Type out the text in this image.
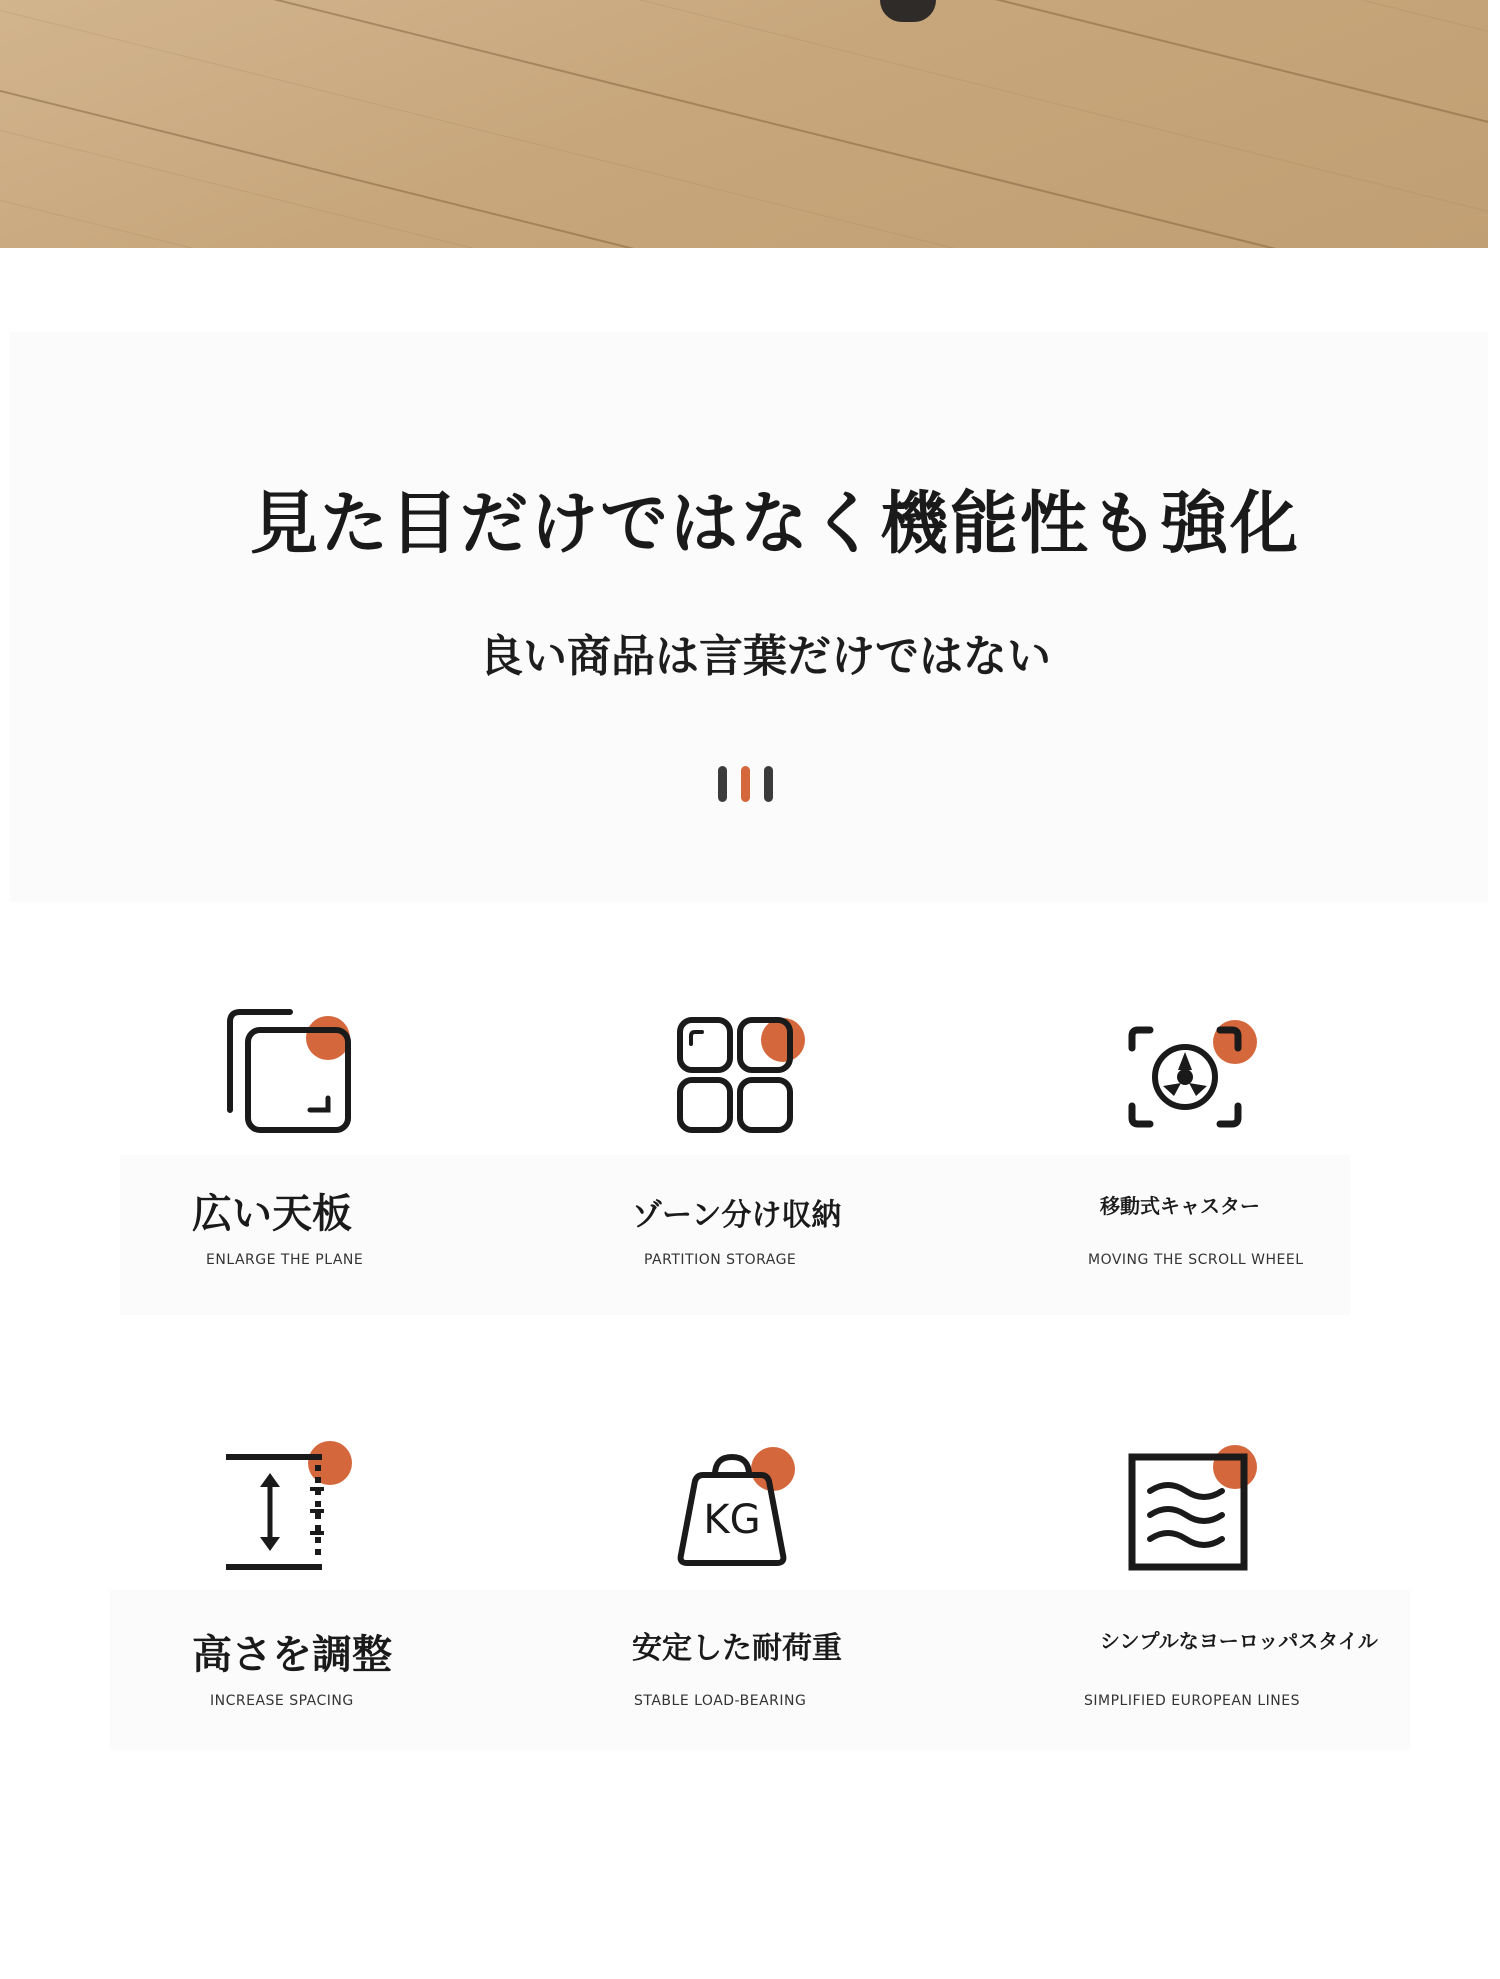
見た目だけではなく機能性も強化
良い商品は言葉だけではない
広い天板
ENLARGE THE PLANE
ゾーン分け収納
PARTITION STORAGE
移動式キャスター
MOVING THE SCROLL WHEEL
高さを調整
INCREASE SPACING
KG
安定した耐荷重
STABLE LOAD-BEARING
シンプルなヨーロッパスタイル
SIMPLIFIED EUROPEAN LINES
